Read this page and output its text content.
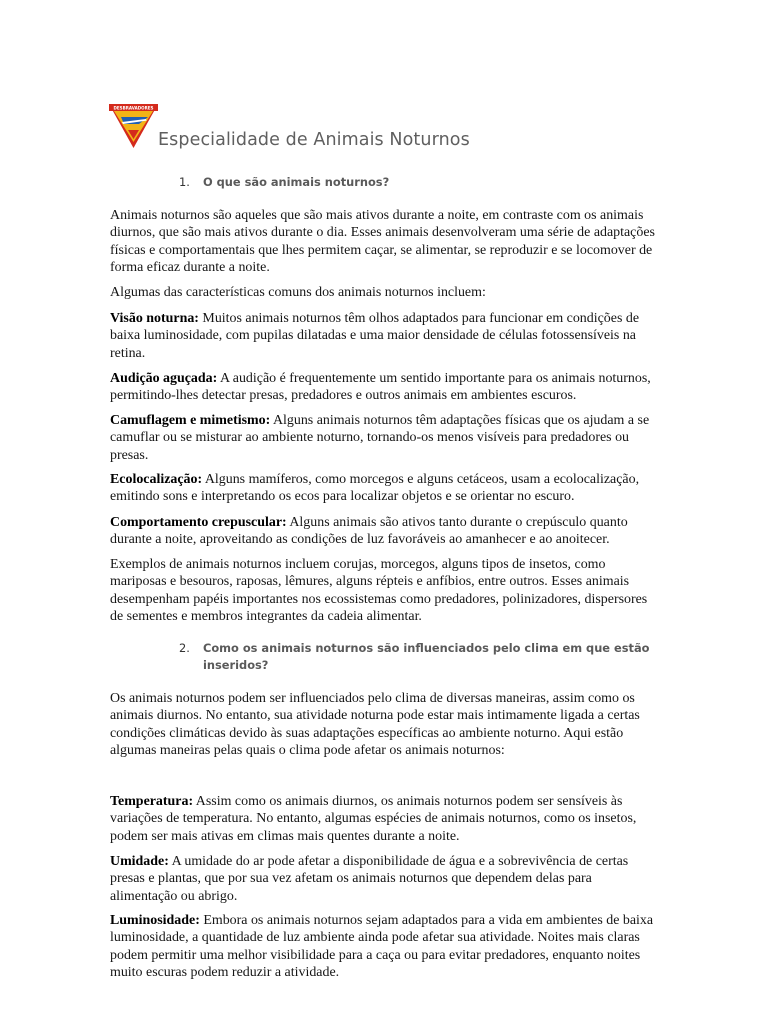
DESBRAVADORES
Especialidade de Animais Noturnos
1. O que são animais noturnos?

Animais noturnos são aqueles que são mais ativos durante a noite, em contraste com os animais diurnos, que são mais ativos durante o dia. Esses animais desenvolveram uma série de adaptações físicas e comportamentais que lhes permitem caçar, se alimentar, se reproduzir e se locomover de forma eficaz durante a noite.

Algumas das características comuns dos animais noturnos incluem:

Visão noturna: Muitos animais noturnos têm olhos adaptados para funcionar em condições de baixa luminosidade, com pupilas dilatadas e uma maior densidade de células fotossensíveis na retina.

Audição aguçada: A audição é frequentemente um sentido importante para os animais noturnos, permitindo-lhes detectar presas, predadores e outros animais em ambientes escuros.

Camuflagem e mimetismo: Alguns animais noturnos têm adaptações físicas que os ajudam a se camuflar ou se misturar ao ambiente noturno, tornando-os menos visíveis para predadores ou presas.

Ecolocalização: Alguns mamíferos, como morcegos e alguns cetáceos, usam a ecolocalização, emitindo sons e interpretando os ecos para localizar objetos e se orientar no escuro.

Comportamento crepuscular: Alguns animais são ativos tanto durante o crepúsculo quanto durante a noite, aproveitando as condições de luz favoráveis ao amanhecer e ao anoitecer.

Exemplos de animais noturnos incluem corujas, morcegos, alguns tipos de insetos, como mariposas e besouros, raposas, lêmures, alguns répteis e anfíbios, entre outros. Esses animais desempenham papéis importantes nos ecossistemas como predadores, polinizadores, dispersores de sementes e membros integrantes da cadeia alimentar.

2. Como os animais noturnos são influenciados pelo clima em que estão inseridos?

Os animais noturnos podem ser influenciados pelo clima de diversas maneiras, assim como os animais diurnos. No entanto, sua atividade noturna pode estar mais intimamente ligada a certas condições climáticas devido às suas adaptações específicas ao ambiente noturno. Aqui estão algumas maneiras pelas quais o clima pode afetar os animais noturnos:

Temperatura: Assim como os animais diurnos, os animais noturnos podem ser sensíveis às variações de temperatura. No entanto, algumas espécies de animais noturnos, como os insetos, podem ser mais ativas em climas mais quentes durante a noite.

Umidade: A umidade do ar pode afetar a disponibilidade de água e a sobrevivência de certas presas e plantas, que por sua vez afetam os animais noturnos que dependem delas para alimentação ou abrigo.

Luminosidade: Embora os animais noturnos sejam adaptados para a vida em ambientes de baixa luminosidade, a quantidade de luz ambiente ainda pode afetar sua atividade. Noites mais claras podem permitir uma melhor visibilidade para a caça ou para evitar predadores, enquanto noites muito escuras podem reduzir a atividade.
